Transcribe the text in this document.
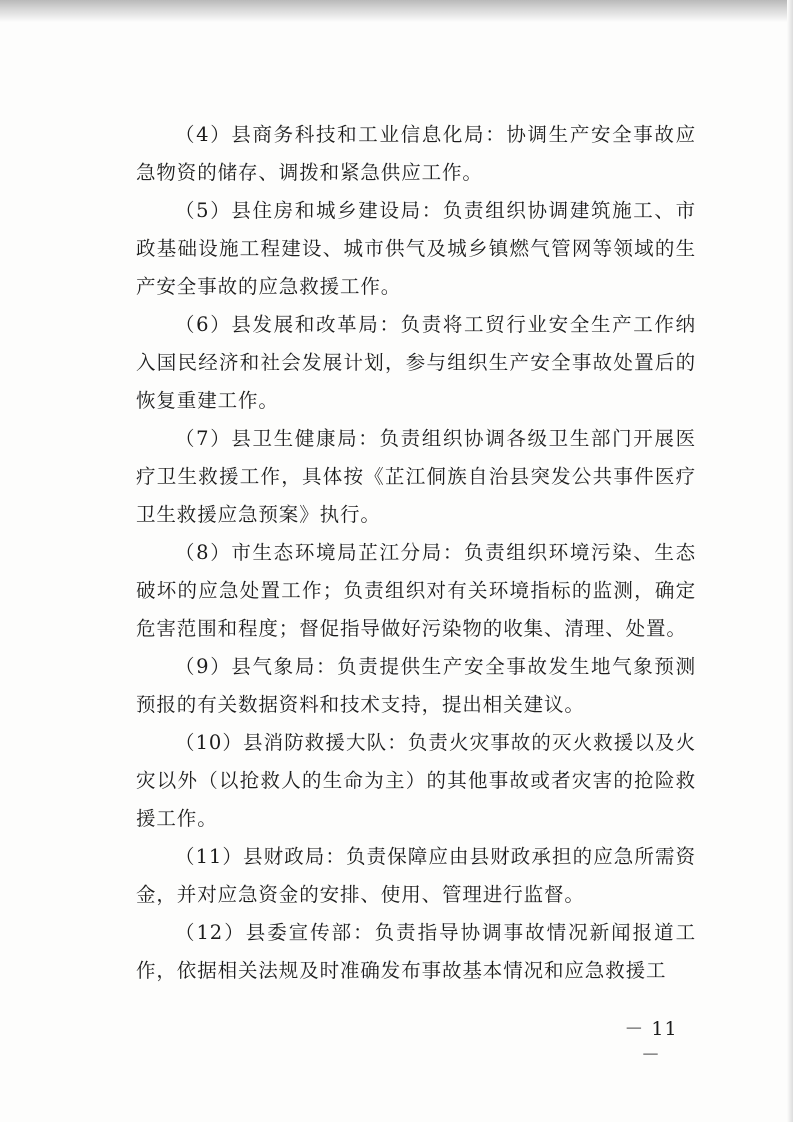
（4）县商务科技和工业信息化局：协调生产安全事故应急物资的储存、调拨和紧急供应工作。

（5）县住房和城乡建设局：负责组织协调建筑施工、市政基础设施工程建设、城市供气及城乡镇燃气管网等领域的生产安全事故的应急救援工作。

（6）县发展和改革局：负责将工贸行业安全生产工作纳入国民经济和社会发展计划，参与组织生产安全事故处置后的恢复重建工作。

（7）县卫生健康局：负责组织协调各级卫生部门开展医疗卫生救援工作，具体按《芷江侗族自治县突发公共事件医疗卫生救援应急预案》执行。

（8）市生态环境局芷江分局：负责组织环境污染、生态破坏的应急处置工作；负责组织对有关环境指标的监测，确定危害范围和程度；督促指导做好污染物的收集、清理、处置。

（9）县气象局：负责提供生产安全事故发生地气象预测预报的有关数据资料和技术支持，提出相关建议。

（10）县消防救援大队：负责火灾事故的灭火救援以及火灾以外（以抢救人的生命为主）的其他事故或者灾害的抢险救援工作。

（11）县财政局：负责保障应由县财政承担的应急所需资金，并对应急资金的安排、使用、管理进行监督。

（12）县委宣传部：负责指导协调事故情况新闻报道工作，依据相关法规及时准确发布事故基本情况和应急救援工

－ 11 －
